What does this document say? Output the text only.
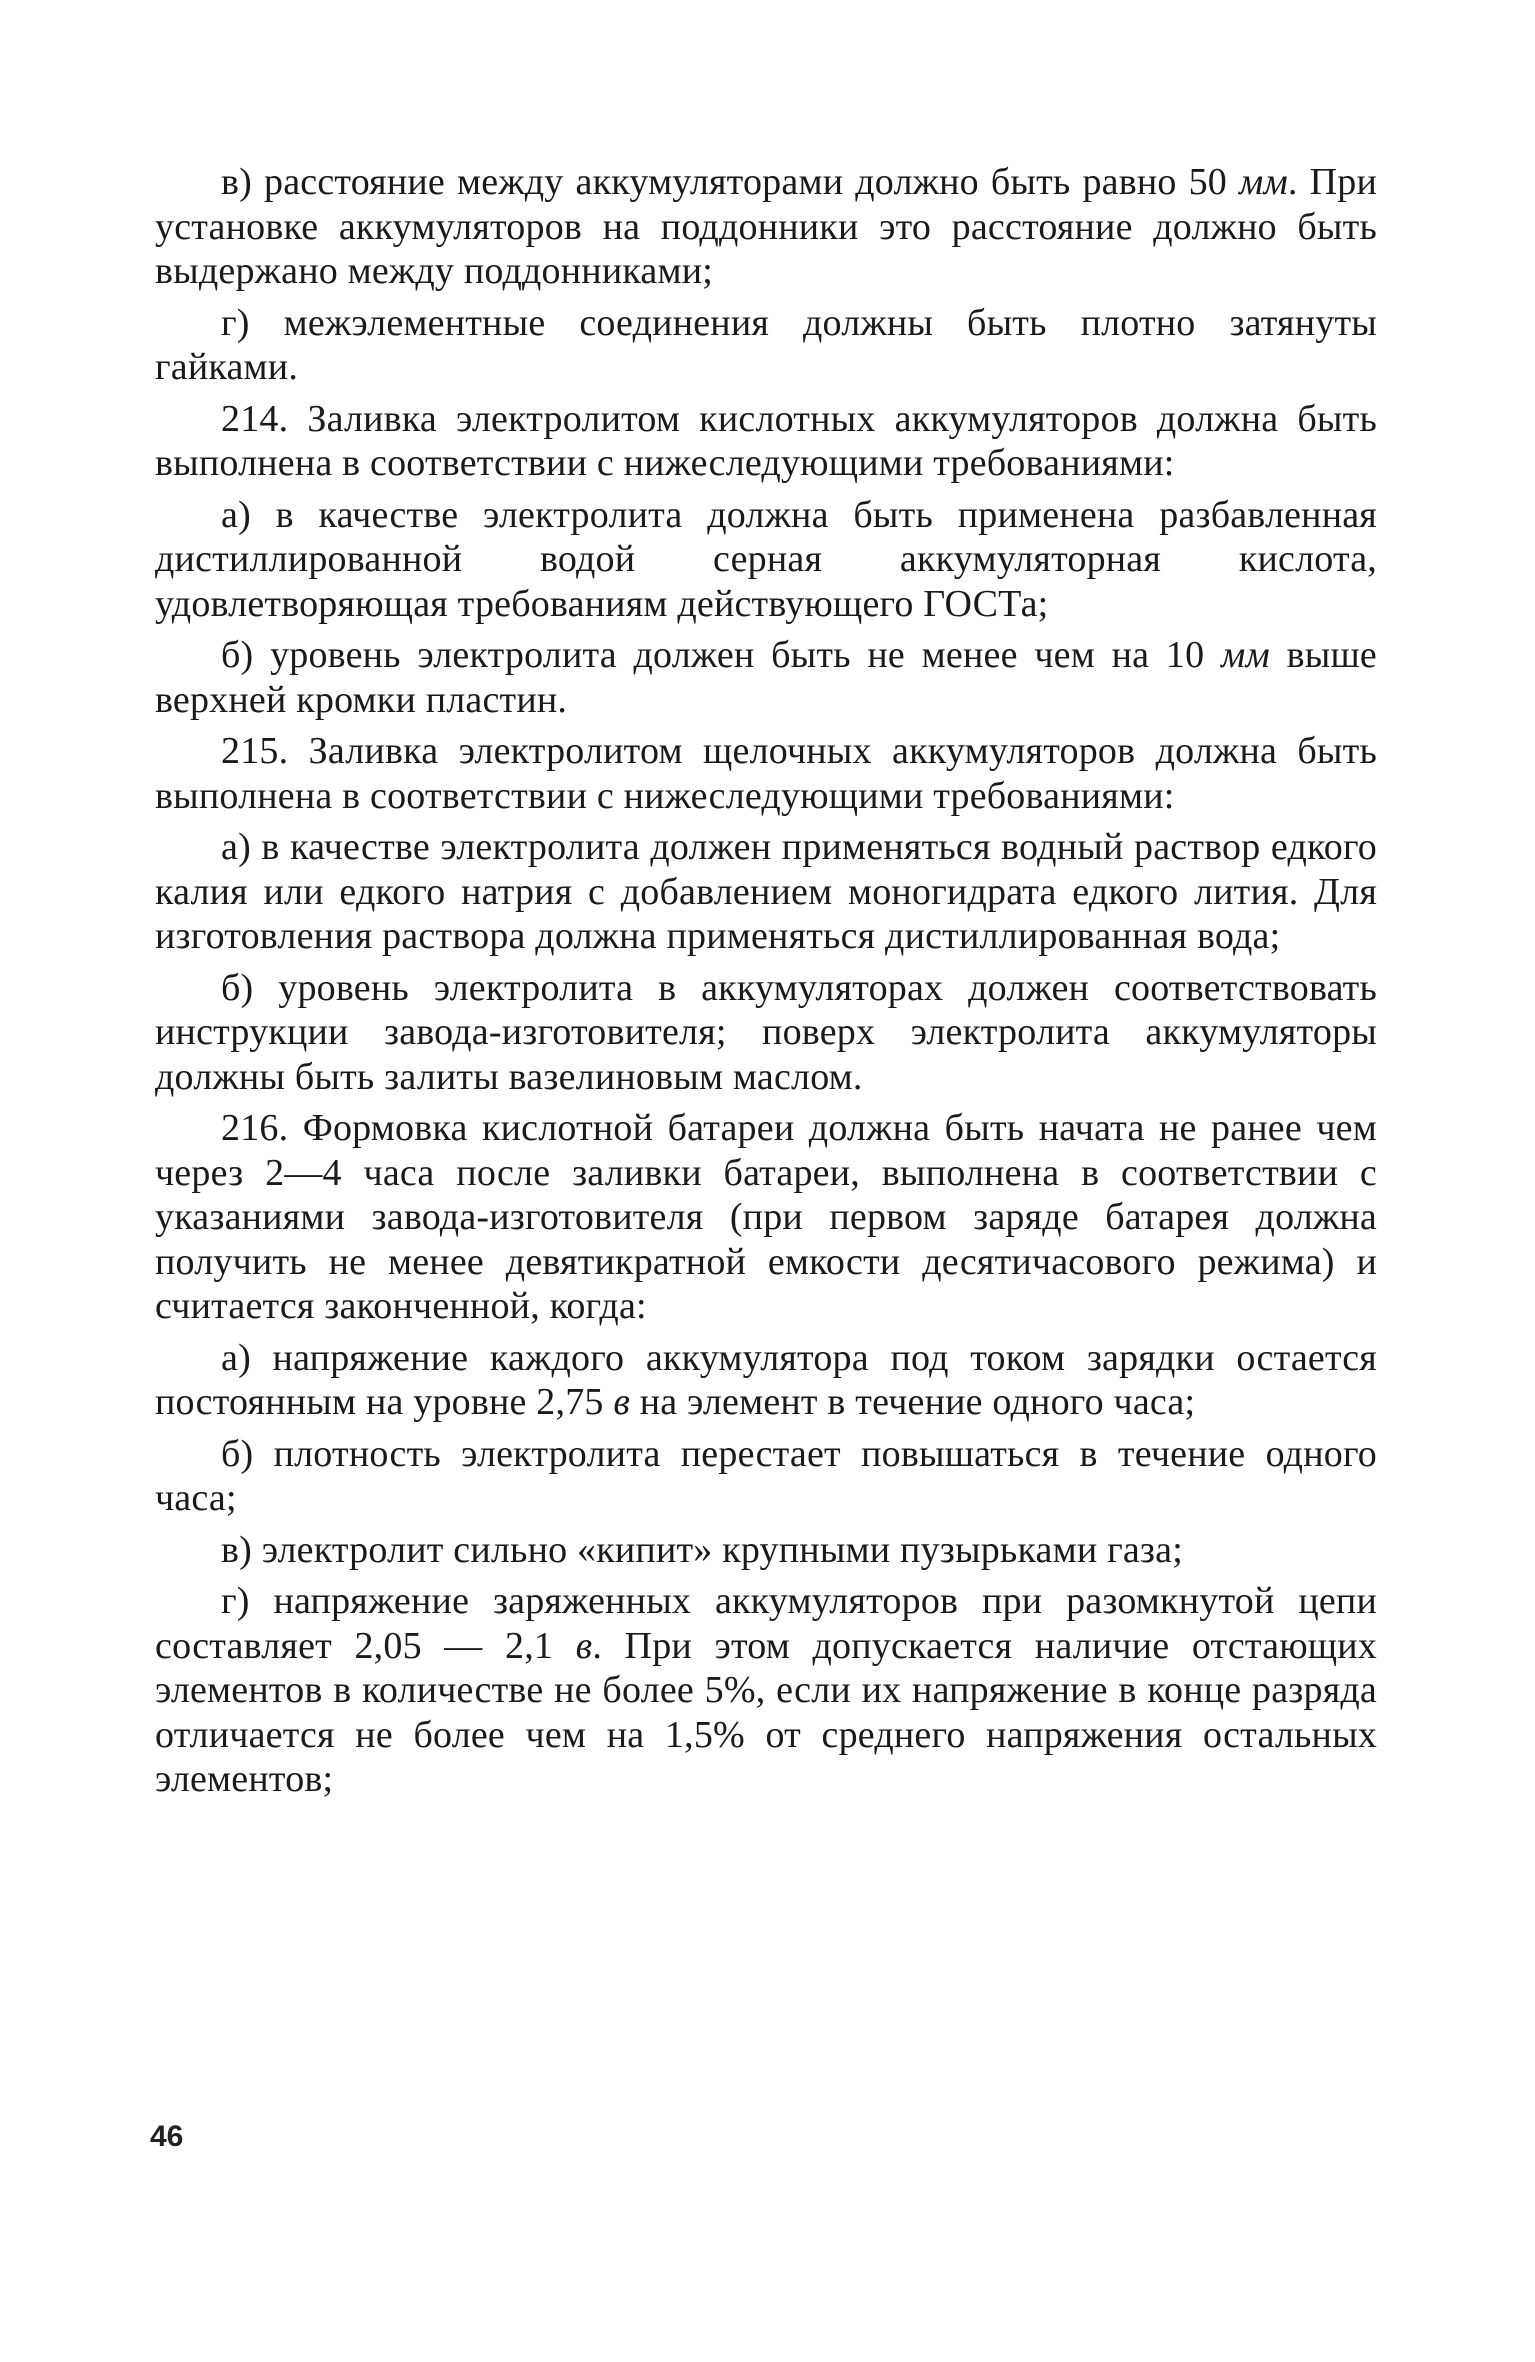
в) расстояние между аккумуляторами должно быть равно 50 мм. При установке аккумуляторов на поддонники это расстояние должно быть выдержано между поддонниками;

г) межэлементные соединения должны быть плотно затянуты гайками.

214. Заливка электролитом кислотных аккумуляторов должна быть выполнена в соответствии с нижеследующими требованиями:

а) в качестве электролита должна быть применена разбавленная дистиллированной водой серная аккумуляторная кислота, удовлетворяющая требованиям действующего ГОСТа;

б) уровень электролита должен быть не менее чем на 10 мм выше верхней кромки пластин.

215. Заливка электролитом щелочных аккумуляторов должна быть выполнена в соответствии с нижеследующими требованиями:

а) в качестве электролита должен применяться водный раствор едкого калия или едкого натрия с добавлением моногидрата едкого лития. Для изготовления раствора должна применяться дистиллированная вода;

б) уровень электролита в аккумуляторах должен соответствовать инструкции завода-изготовителя; поверх электролита аккумуляторы должны быть залиты вазелиновым маслом.

216. Формовка кислотной батареи должна быть начата не ранее чем через 2—4 часа после заливки батареи, выполнена в соответствии с указаниями завода-изготовителя (при первом заряде батарея должна получить не менее девятикратной емкости десятичасового режима) и считается законченной, когда:

а) напряжение каждого аккумулятора под током зарядки остается постоянным на уровне 2,75 в на элемент в течение одного часа;

б) плотность электролита перестает повышаться в течение одного часа;

в) электролит сильно «кипит» крупными пузырьками газа;

г) напряжение заряженных аккумуляторов при разомкнутой цепи составляет 2,05 — 2,1 в. При этом допускается наличие отстающих элементов в количестве не более 5%, если их напряжение в конце разряда отличается не более чем на 1,5% от среднего напряжения остальных элементов;

46
